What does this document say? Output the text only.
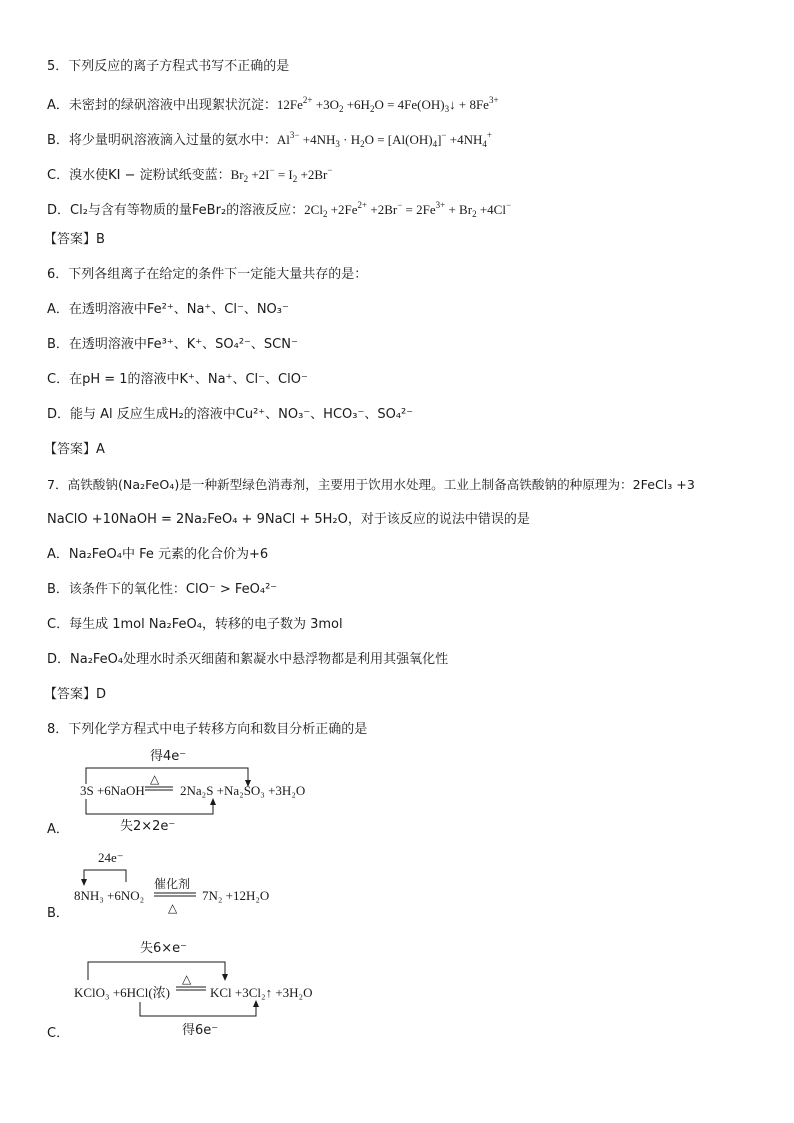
5．下列反应的离子方程式书写不正确的是
A．未密封的绿矾溶液中出现絮状沉淀：$12Fe^{2+} +3O_2 +6H_2O$ = $4Fe(OH)_3↓ + 8Fe^{3+}$
B．将少量明矾溶液滴入过量的氨水中：$Al^{3-} +4NH_3 \cdot H_2O = [Al(OH)_4]^- +4NH_4^+$
C．溴水使KI − 淀粉试纸变蓝：$Br_2 +2I^- = I_2 +2Br^-$
D．Cl₂与含有等物质的量FeBr₂的溶液反应：$2Cl_2 +2Fe^{2+} +2Br^- = 2Fe^{3+} + Br_2 +4Cl^-$
【答案】B
6．下列各组离子在给定的条件下一定能大量共存的是：
A．在透明溶液中Fe²⁺、Na⁺、Cl⁻、NO₃⁻
B．在透明溶液中Fe³⁺、K⁺、SO₄²⁻、SCN⁻
C．在pH = 1的溶液中K⁺、Na⁺、Cl⁻、ClO⁻
D．能与 Al 反应生成H₂的溶液中Cu²⁺、NO₃⁻、HCO₃⁻、SO₄²⁻
【答案】A
7．高铁酸钠(Na₂FeO₄)是一种新型绿色消毒剂，主要用于饮用水处理。工业上制备高铁酸钠的种原理为：2FeCl₃ +3
NaClO +10NaOH = 2Na₂FeO₄ + 9NaCl + 5H₂O，对于该反应的说法中错误的是
A．Na₂FeO₄中 Fe 元素的化合价为+6
B．该条件下的氧化性：ClO⁻ > FeO₄²⁻
C．每生成 1mol Na₂FeO₄，转移的电子数为 3mol
D．Na₂FeO₄处理水时杀灭细菌和絮凝水中悬浮物都是利用其强氧化性
【答案】D
8．下列化学方程式中电子转移方向和数目分析正确的是
A．
得4e⁻
3S +6NaOH
△
2Na₂S +Na₂SO₃ +3H₂O
失2×2e⁻
B．
24e⁻
8NH₃ +6NO₂
催化剂
△
7N₂ +12H₂O
C．
失6×e⁻
KClO₃ +6HCl(浓)
△
KCl +3Cl₂↑ +3H₂O
得6e⁻
